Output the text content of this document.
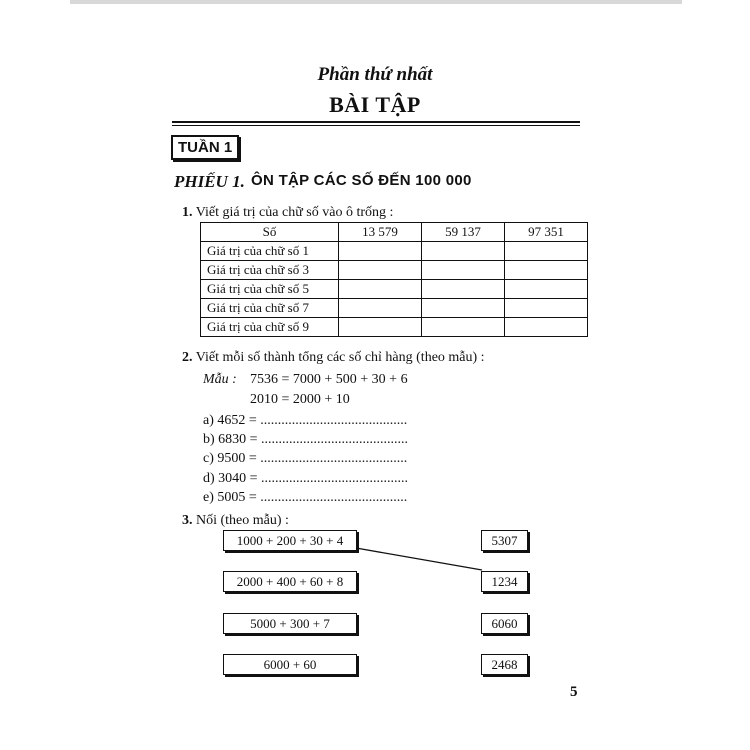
Phần thứ nhất
BÀI TẬP
TUẦN 1
PHIẾU 1. ÔN TẬP CÁC SỐ ĐẾN 100 000
1. Viết giá trị của chữ số vào ô trống :
Số	13 579	59 137	97 351
Giá trị của chữ số 1			
Giá trị của chữ số 3			
Giá trị của chữ số 5			
Giá trị của chữ số 7			
Giá trị của chữ số 9			
2. Viết mỗi số thành tổng các số chỉ hàng (theo mẫu) :
Mẫu : 7536 = 7000 + 500 + 30 + 6
2010 = 2000 + 10
a) 4652 = ..........................................
b) 6830 = ..........................................
c) 9500 = ..........................................
d) 3040 = ..........................................
e) 5005 = ..........................................
3. Nối (theo mẫu) :
1000 + 200 + 30 + 4
2000 + 400 + 60 + 8
5000 + 300 + 7
6000 + 60
5307
1234
6060
2468
5
